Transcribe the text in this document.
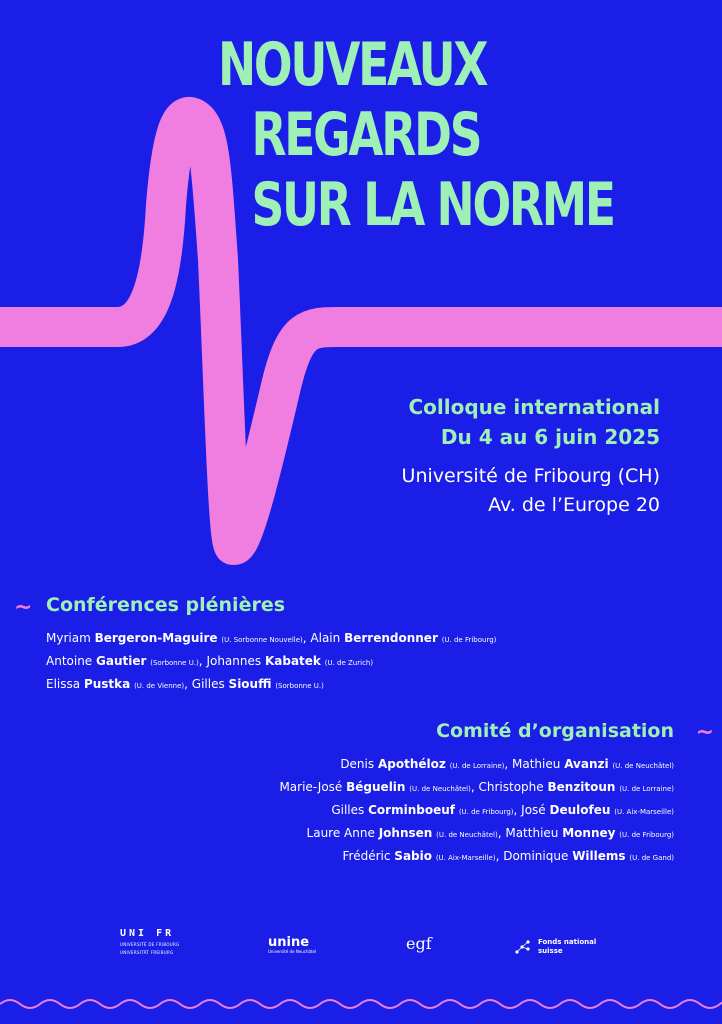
NOUVEAUX
REGARDS
SUR LA NORME
Colloque international
Du 4 au 6 juin 2025
Université de Fribourg (CH)
Av. de l’Europe 20
~ Conférences plénières
Myriam Bergeron-Maguire (U. Sorbonne Nouvelle), Alain Berrendonner (U. de Fribourg)
Antoine Gautier (Sorbonne U.), Johannes Kabatek (U. de Zurich)
Elissa Pustka (U. de Vienne), Gilles Siouffi (Sorbonne U.)
Comité d’organisation ~
Denis Apothéloz (U. de Lorraine), Mathieu Avanzi (U. de Neuchâtel)
Marie-José Béguelin (U. de Neuchâtel), Christophe Benzitoun (U. de Lorraine)
Gilles Corminboeuf (U. de Fribourg), José Deulofeu (U. Aix-Marseille)
Laure Anne Johnsen (U. de Neuchâtel), Matthieu Monney (U. de Fribourg)
Frédéric Sabio (U. Aix-Marseille), Dominique Willems (U. de Gand)
UNI FR
UNIVERSITÉ DE FRIBOURG
UNIVERSITÄT FREIBURG
unine
Université de Neuchâtel	egf	Fonds national
suisse
